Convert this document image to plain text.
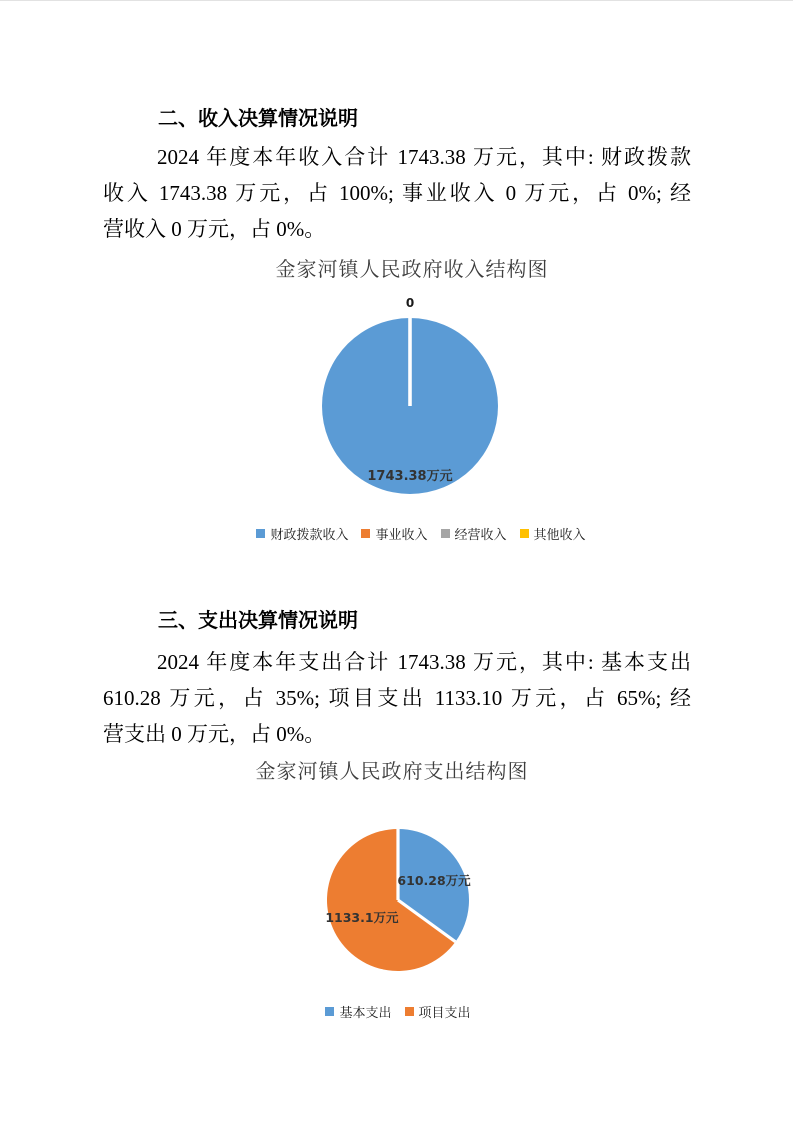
二、收入决算情况说明
2024 年度本年收入合计 1743.38 万元，其中: 财政拨款
收入 1743.38 万元，占 100%; 事业收入 0 万元，占 0%; 经
营收入 0 万元，占 0%。
金家河镇人民政府收入结构图
1743.38万元
0
财政拨款收入 事业收入 经营收入 其他收入
三、支出决算情况说明
2024 年度本年支出合计 1743.38 万元，其中: 基本支出
610.28 万元，占 35%; 项目支出 1133.10 万元，占 65%; 经
营支出 0 万元，占 0%。
金家河镇人民政府支出结构图
610.28万元
1133.1万元
基本支出 项目支出
